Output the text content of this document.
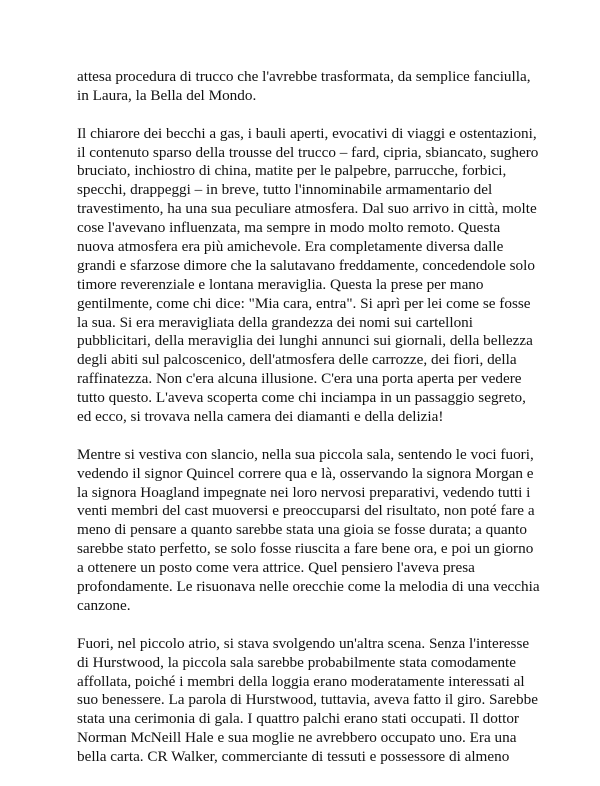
attesa procedura di trucco che l'avrebbe trasformata, da semplice fanciulla,
in Laura, la Bella del Mondo.
Il chiarore dei becchi a gas, i bauli aperti, evocativi di viaggi e ostentazioni,
il contenuto sparso della trousse del trucco – fard, cipria, sbiancato, sughero
bruciato, inchiostro di china, matite per le palpebre, parrucche, forbici,
specchi, drappeggi – in breve, tutto l'innominabile armamentario del
travestimento, ha una sua peculiare atmosfera. Dal suo arrivo in città, molte
cose l'avevano influenzata, ma sempre in modo molto remoto. Questa
nuova atmosfera era più amichevole. Era completamente diversa dalle
grandi e sfarzose dimore che la salutavano freddamente, concedendole solo
timore reverenziale e lontana meraviglia. Questa la prese per mano
gentilmente, come chi dice: "Mia cara, entra". Si aprì per lei come se fosse
la sua. Si era meravigliata della grandezza dei nomi sui cartelloni
pubblicitari, della meraviglia dei lunghi annunci sui giornali, della bellezza
degli abiti sul palcoscenico, dell'atmosfera delle carrozze, dei fiori, della
raffinatezza. Non c'era alcuna illusione. C'era una porta aperta per vedere
tutto questo. L'aveva scoperta come chi inciampa in un passaggio segreto,
ed ecco, si trovava nella camera dei diamanti e della delizia!
Mentre si vestiva con slancio, nella sua piccola sala, sentendo le voci fuori,
vedendo il signor Quincel correre qua e là, osservando la signora Morgan e
la signora Hoagland impegnate nei loro nervosi preparativi, vedendo tutti i
venti membri del cast muoversi e preoccuparsi del risultato, non poté fare a
meno di pensare a quanto sarebbe stata una gioia se fosse durata; a quanto
sarebbe stato perfetto, se solo fosse riuscita a fare bene ora, e poi un giorno
a ottenere un posto come vera attrice. Quel pensiero l'aveva presa
profondamente. Le risuonava nelle orecchie come la melodia di una vecchia
canzone.
Fuori, nel piccolo atrio, si stava svolgendo un'altra scena. Senza l'interesse
di Hurstwood, la piccola sala sarebbe probabilmente stata comodamente
affollata, poiché i membri della loggia erano moderatamente interessati al
suo benessere. La parola di Hurstwood, tuttavia, aveva fatto il giro. Sarebbe
stata una cerimonia di gala. I quattro palchi erano stati occupati. Il dottor
Norman McNeill Hale e sua moglie ne avrebbero occupato uno. Era una
bella carta. CR Walker, commerciante di tessuti e possessore di almeno
